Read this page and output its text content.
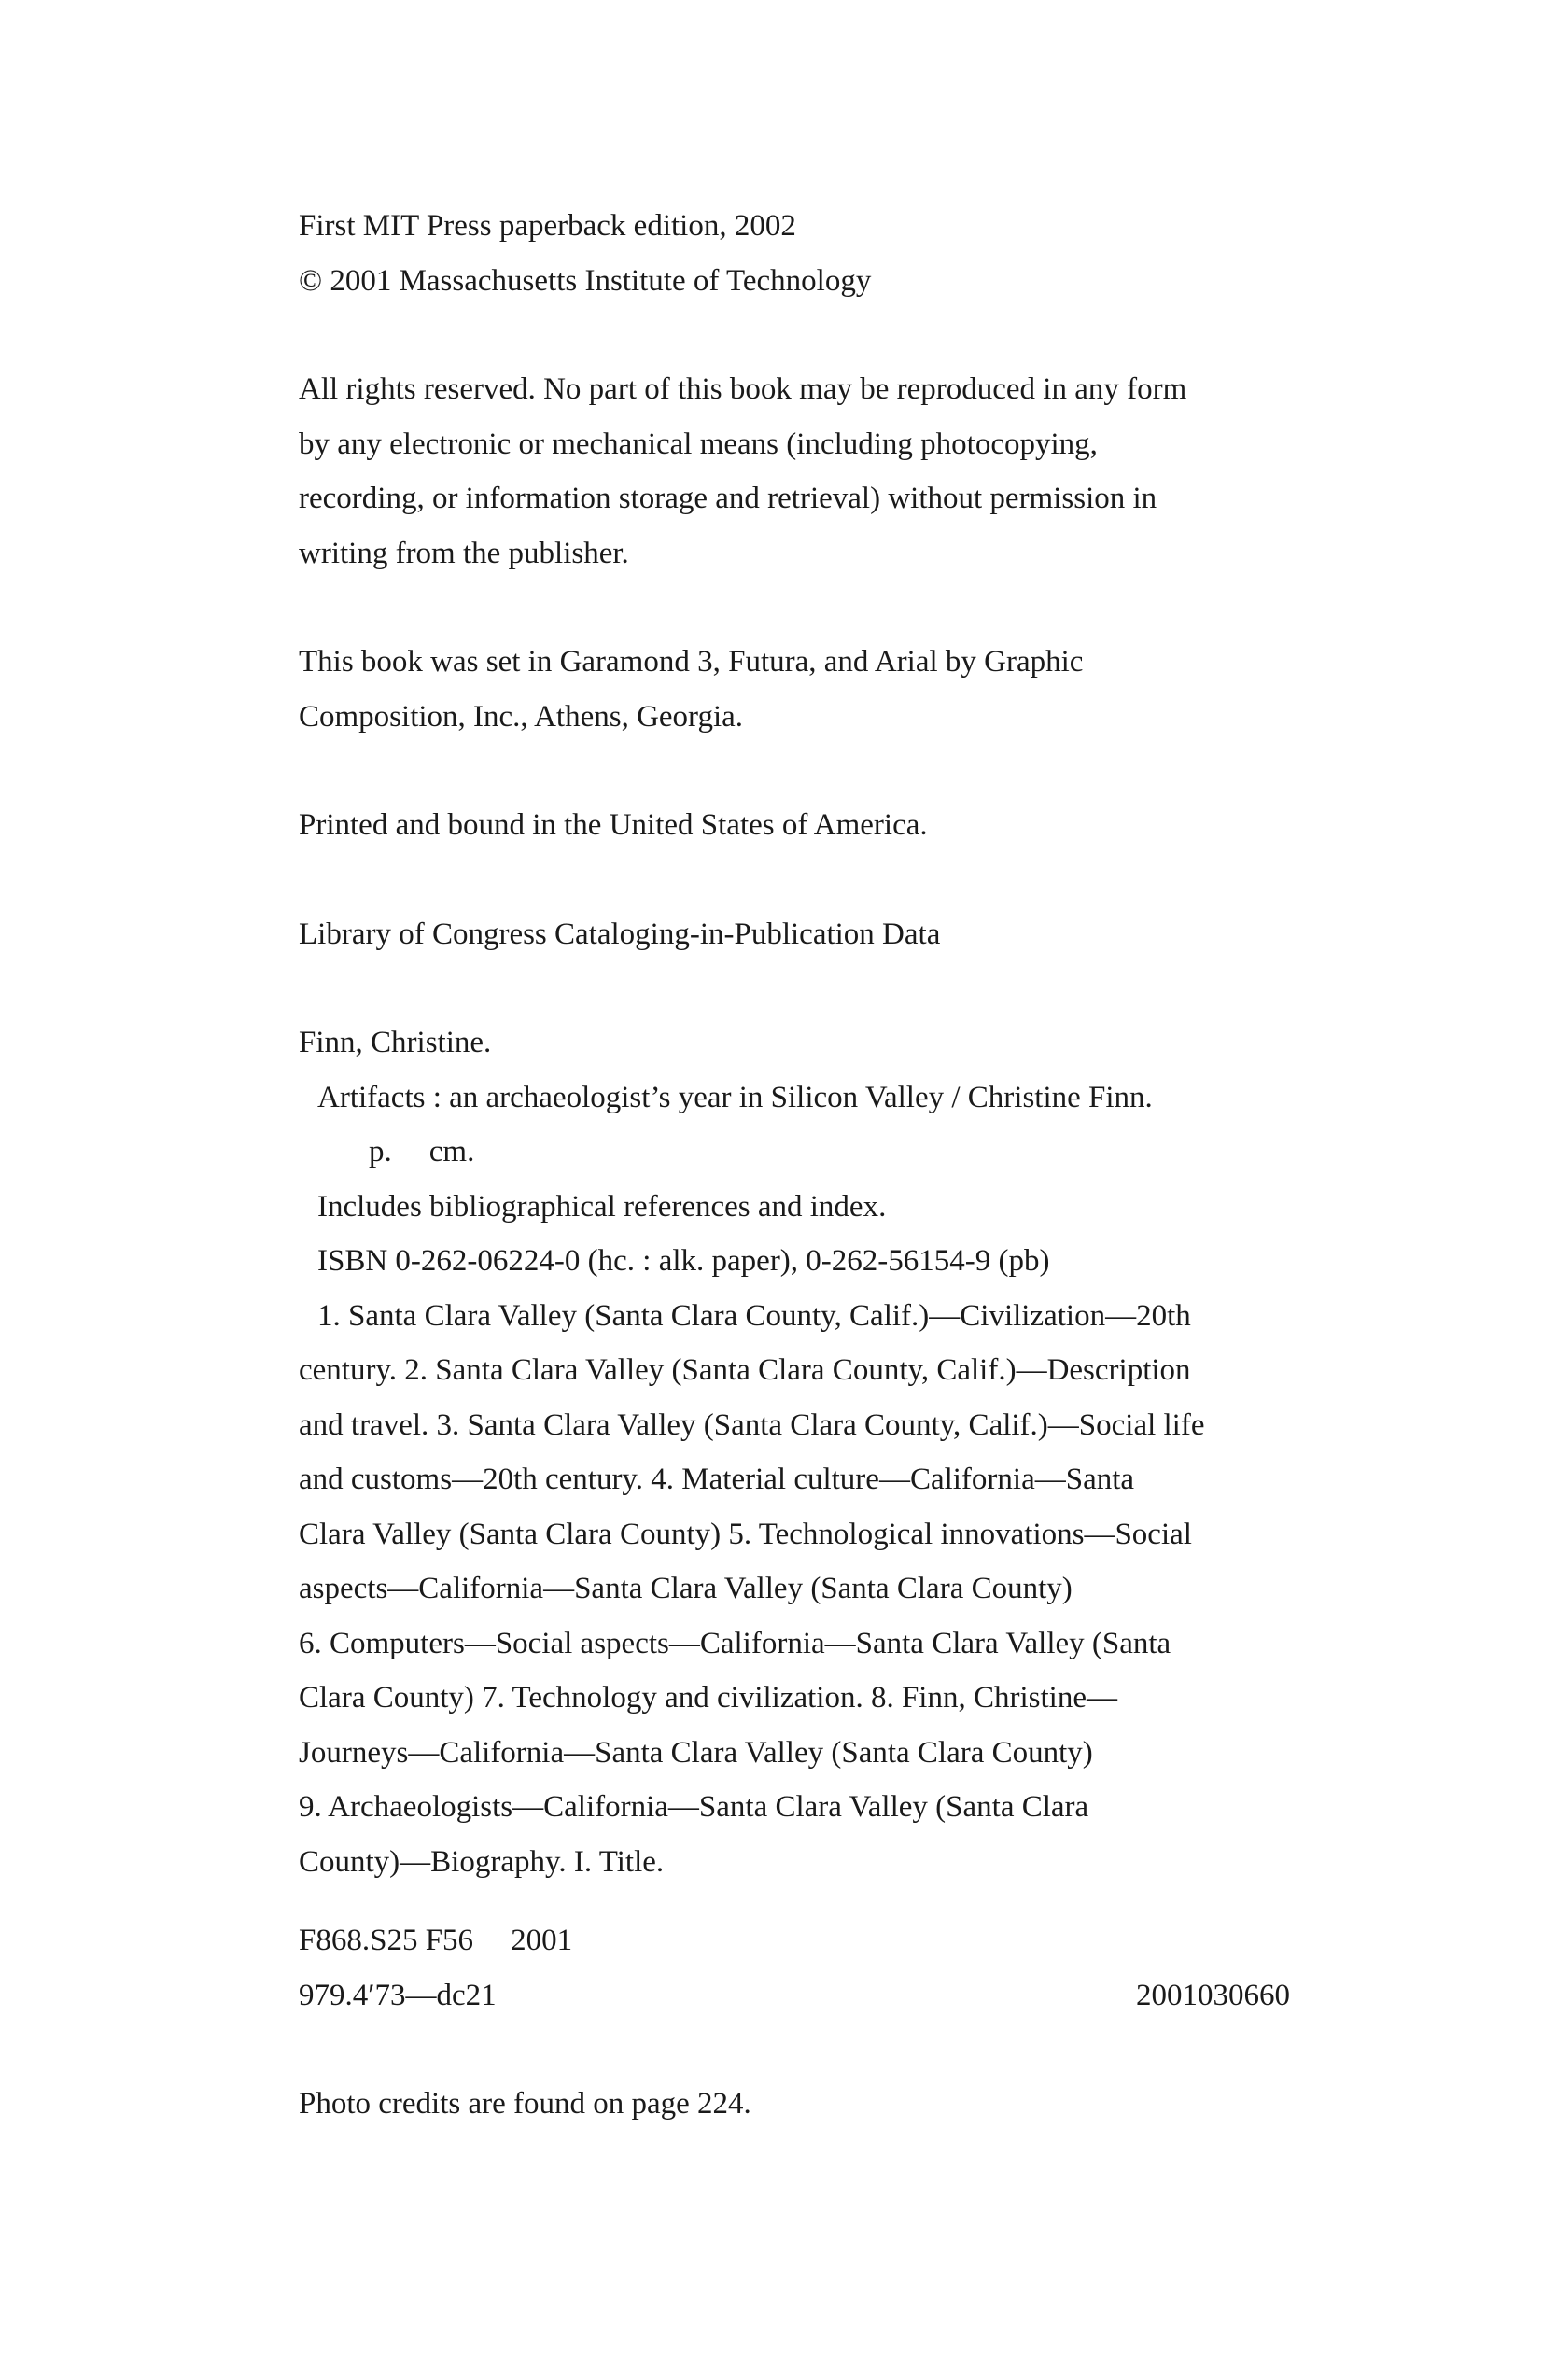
First MIT Press paperback edition, 2002
© 2001 Massachusetts Institute of Technology
All rights reserved. No part of this book may be reproduced in any form
by any electronic or mechanical means (including photocopying,
recording, or information storage and retrieval) without permission in
writing from the publisher.
This book was set in Garamond 3, Futura, and Arial by Graphic
Composition, Inc., Athens, Georgia.
Printed and bound in the United States of America.
Library of Congress Cataloging-in-Publication Data
Finn, Christine.
Artifacts : an archaeologist’s year in Silicon Valley / Christine Finn.
p. cm.
Includes bibliographical references and index.
ISBN 0-262-06224-0 (hc. : alk. paper), 0-262-56154-9 (pb)
1. Santa Clara Valley (Santa Clara County, Calif.)—Civilization—20th
century. 2. Santa Clara Valley (Santa Clara County, Calif.)—Description
and travel. 3. Santa Clara Valley (Santa Clara County, Calif.)—Social life
and customs—20th century. 4. Material culture—California—Santa
Clara Valley (Santa Clara County) 5. Technological innovations—Social
aspects—California—Santa Clara Valley (Santa Clara County)
6. Computers—Social aspects—California—Santa Clara Valley (Santa
Clara County) 7. Technology and civilization. 8. Finn, Christine—
Journeys—California—Santa Clara Valley (Santa Clara County)
9. Archaeologists—California—Santa Clara Valley (Santa Clara
County)—Biography. I. Title.
F868.S25 F56 2001
979.4′73—dc21	2001030660
Photo credits are found on page 224.
